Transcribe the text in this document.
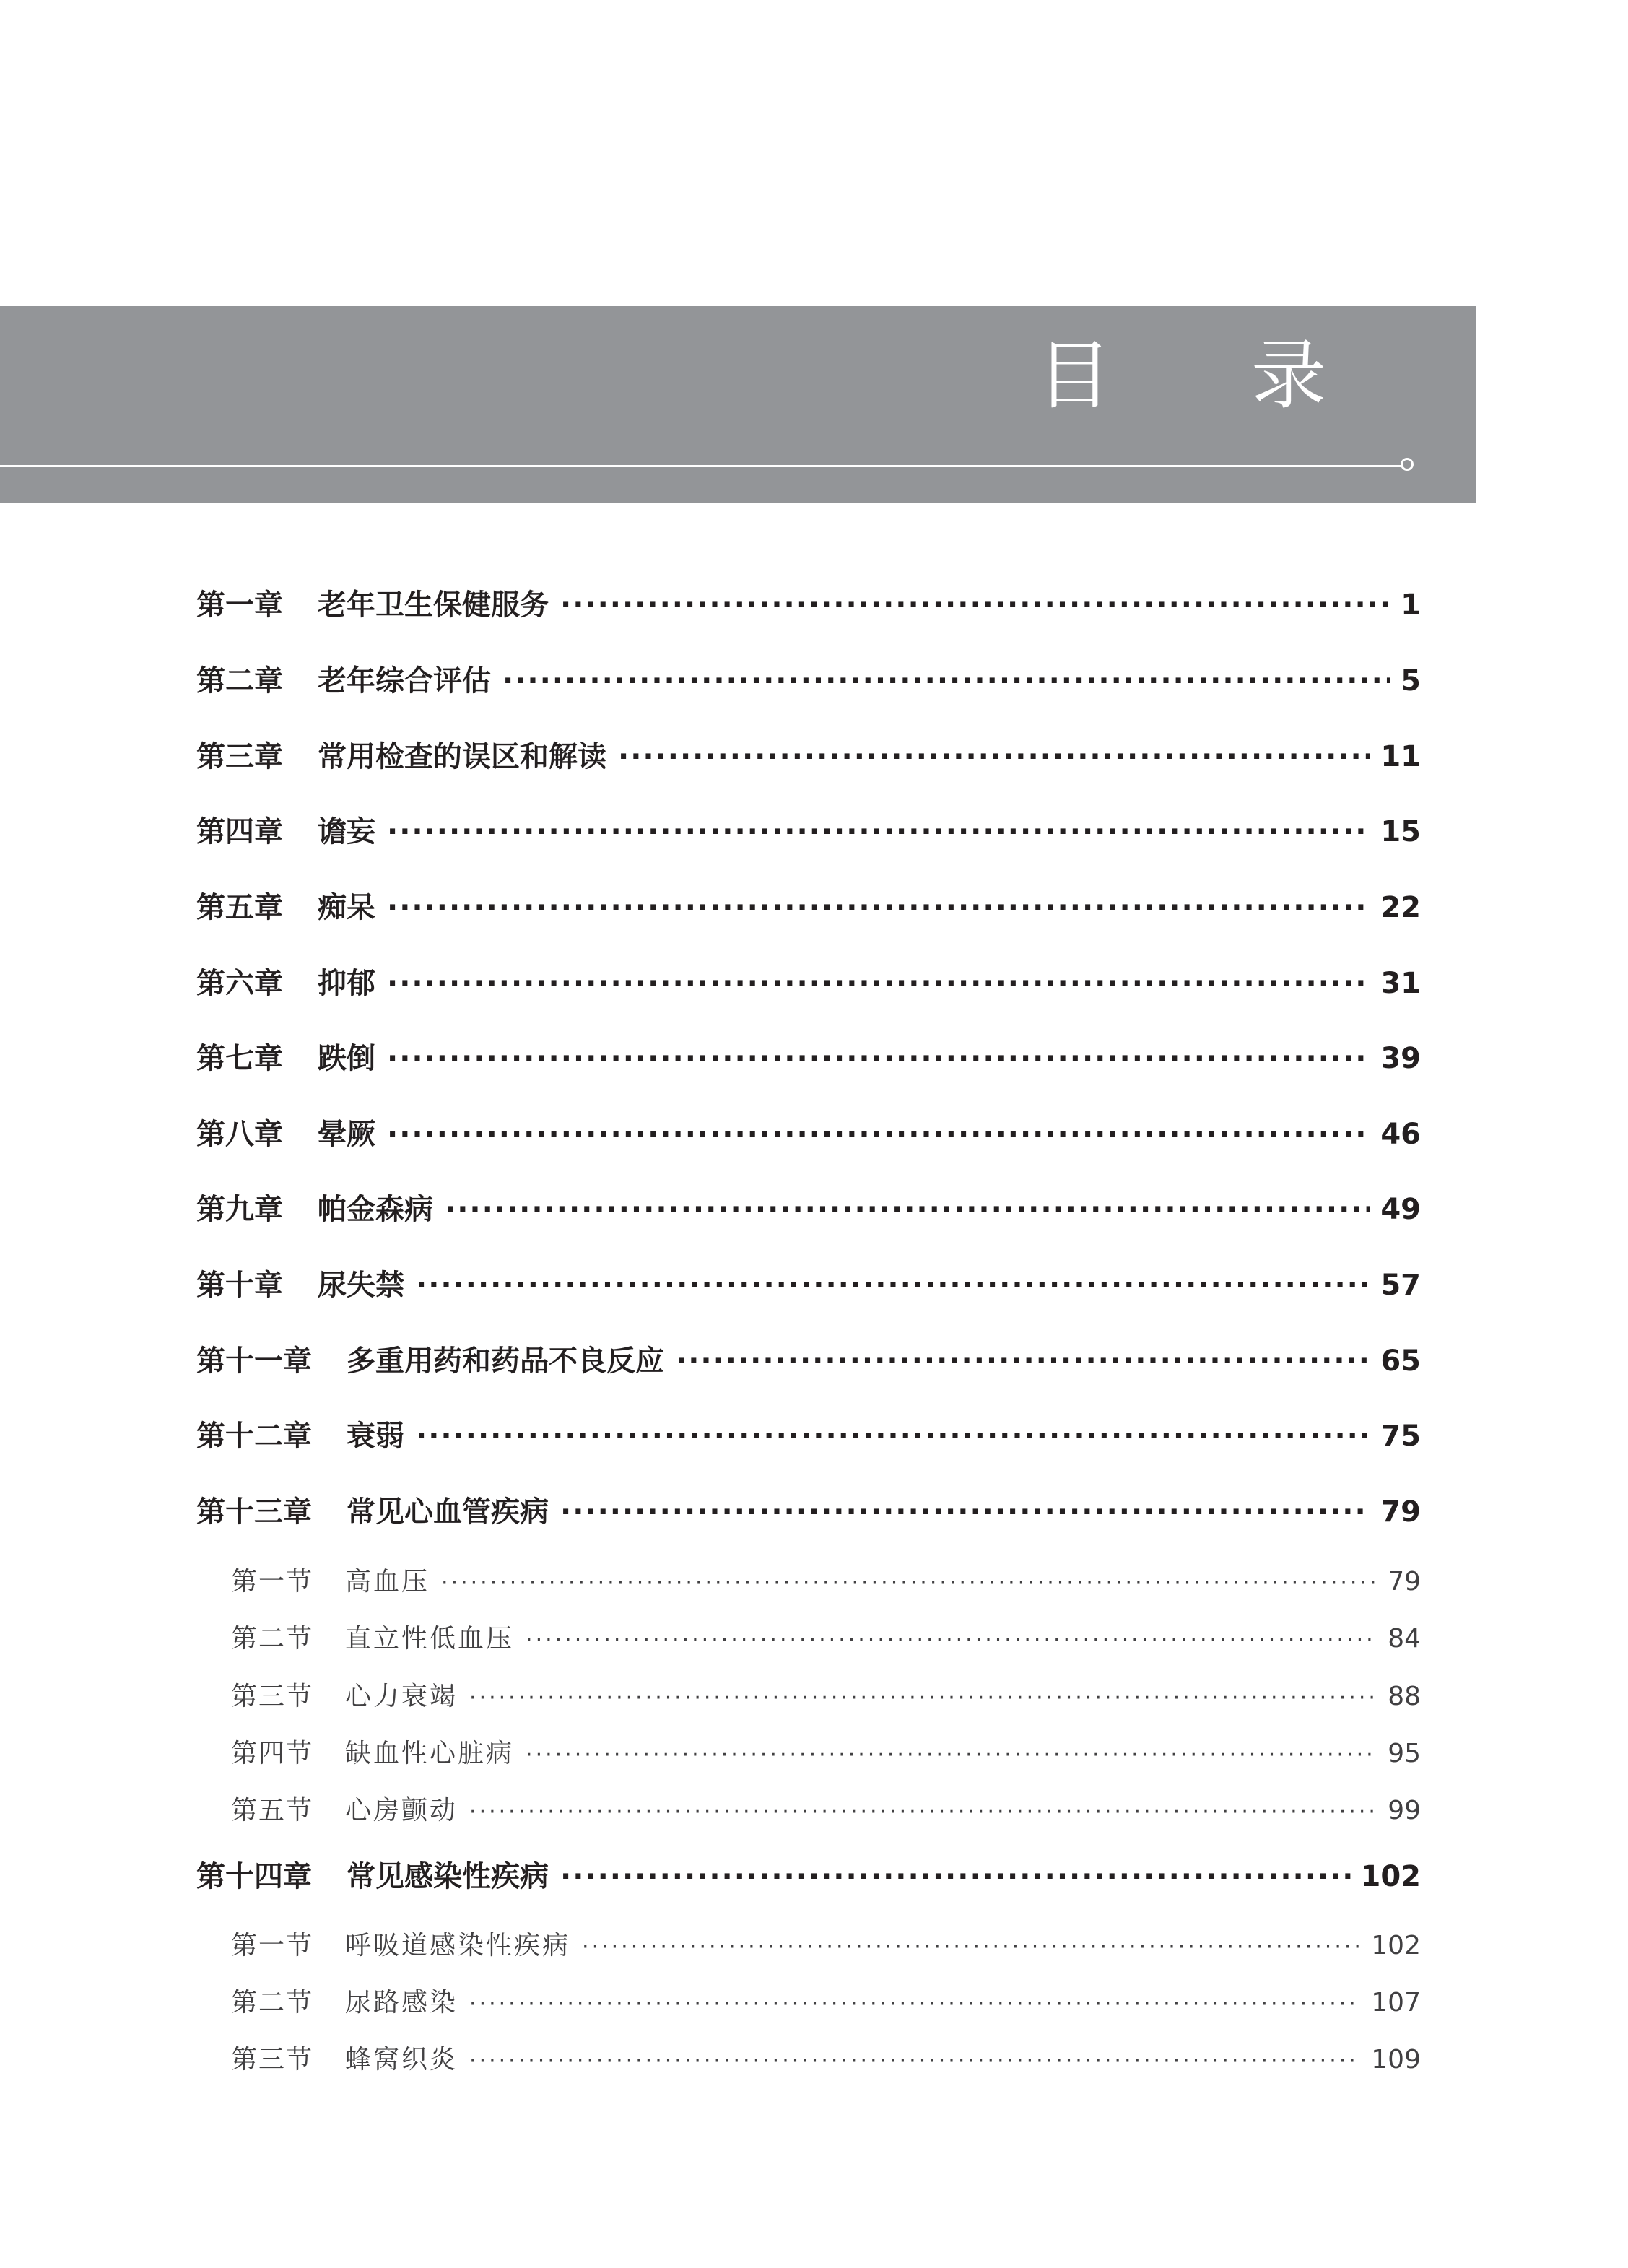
目 录
第一章 老年卫生保健服务 ·····	1
第二章 老年综合评估 ·····	5
第三章 常用检查的误区和解读 ·····	11
第四章 谵妄 ·····	15
第五章 痴呆 ·····	22
第六章 抑郁 ·····	31
第七章 跌倒 ·····	39
第八章 晕厥 ·····	46
第九章 帕金森病 ·····	49
第十章 尿失禁 ·····	57
第十一章 多重用药和药品不良反应 ·····	65
第十二章 衰弱 ·····	75
第十三章 常见心血管疾病 ·····	79
第一节 高血压 ·····	79
第二节 直立性低血压 ·····	84
第三节 心力衰竭 ·····	88
第四节 缺血性心脏病 ·····	95
第五节 心房颤动 ·····	99
第十四章 常见感染性疾病 ·····	102
第一节 呼吸道感染性疾病 ·····	102
第二节 尿路感染 ·····	107
第三节 蜂窝织炎 ·····	109
